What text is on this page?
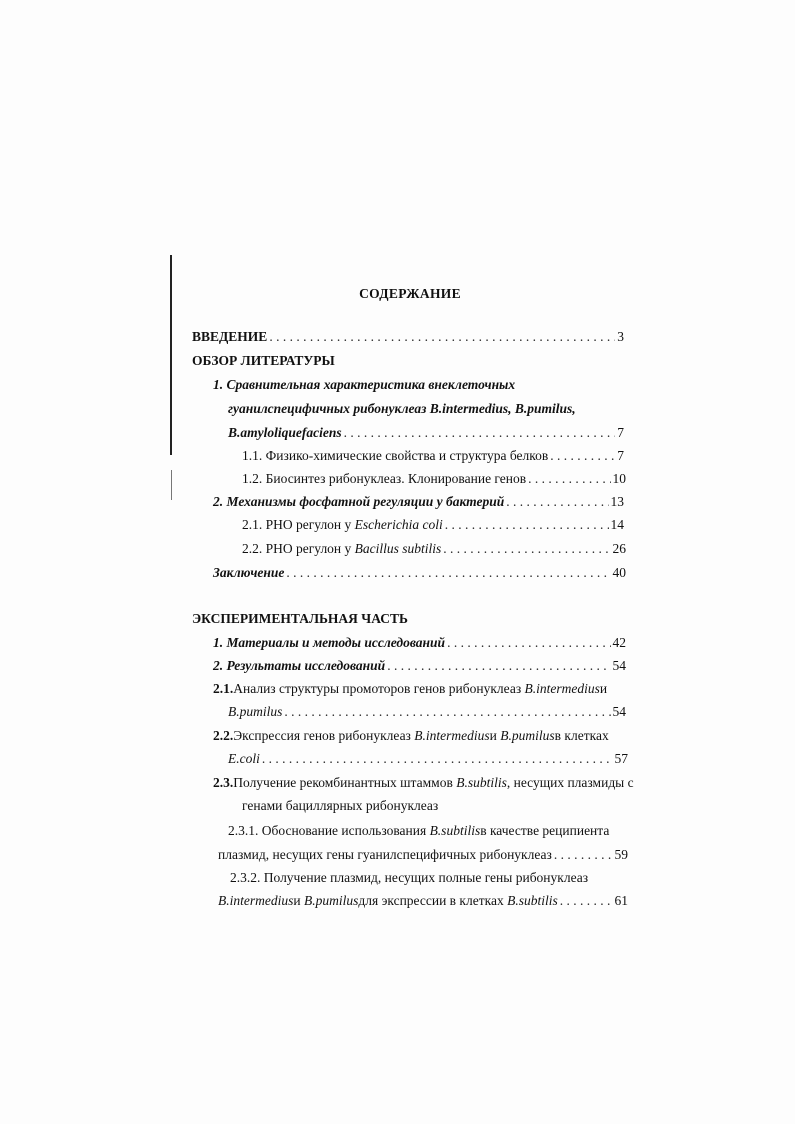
СОДЕРЖАНИЕ
ВВЕДЕНИЕ . . .	3
ОБЗОР ЛИТЕРАТУРЫ
1. Сравнительная характеристика внеклеточных
гуанилспецифичных рибонуклеаз B.intermedius, B.pumilus,
B.amyloliquefaciens . . .	7
1.1. Физико-химические свойства и структура белков . . .	7
1.2. Биосинтез рибонуклеаз. Клонирование генов . . .	10
2. Механизмы фосфатной регуляции у бактерий . . .	13
2.1. PHO регулон у
Escherichia coli . . .	14
2.2. PHO регулон у
Bacillus subtilis . . .	26
Заключение . . .	40
ЭКСПЕРИМЕНТАЛЬНАЯ ЧАСТЬ
1. Материалы и методы исследований . . .	42
2. Результаты исследований . . .	54
2.1. Анализ структуры промоторов генов рибонуклеаз
B.intermedius и
B.pumilus . . .	54
2.2. Экспрессия генов рибонуклеаз
B.intermedius и
B.pumilus в клетках
E.coli . . .	57
2.3. Получение рекомбинантных штаммов
B.subtilis , несущих плазмиды с
генами бациллярных рибонуклеаз
2.3.1. Обоснование использования
B.subtilis в качестве реципиента
плазмид, несущих гены гуанилспецифичных рибонуклеаз . . .	59
2.3.2. Получение плазмид, несущих полные гены рибонуклеаз
B.intermedius и
B.pumilus для экспрессии в клетках
B.subtilis . . .	61
